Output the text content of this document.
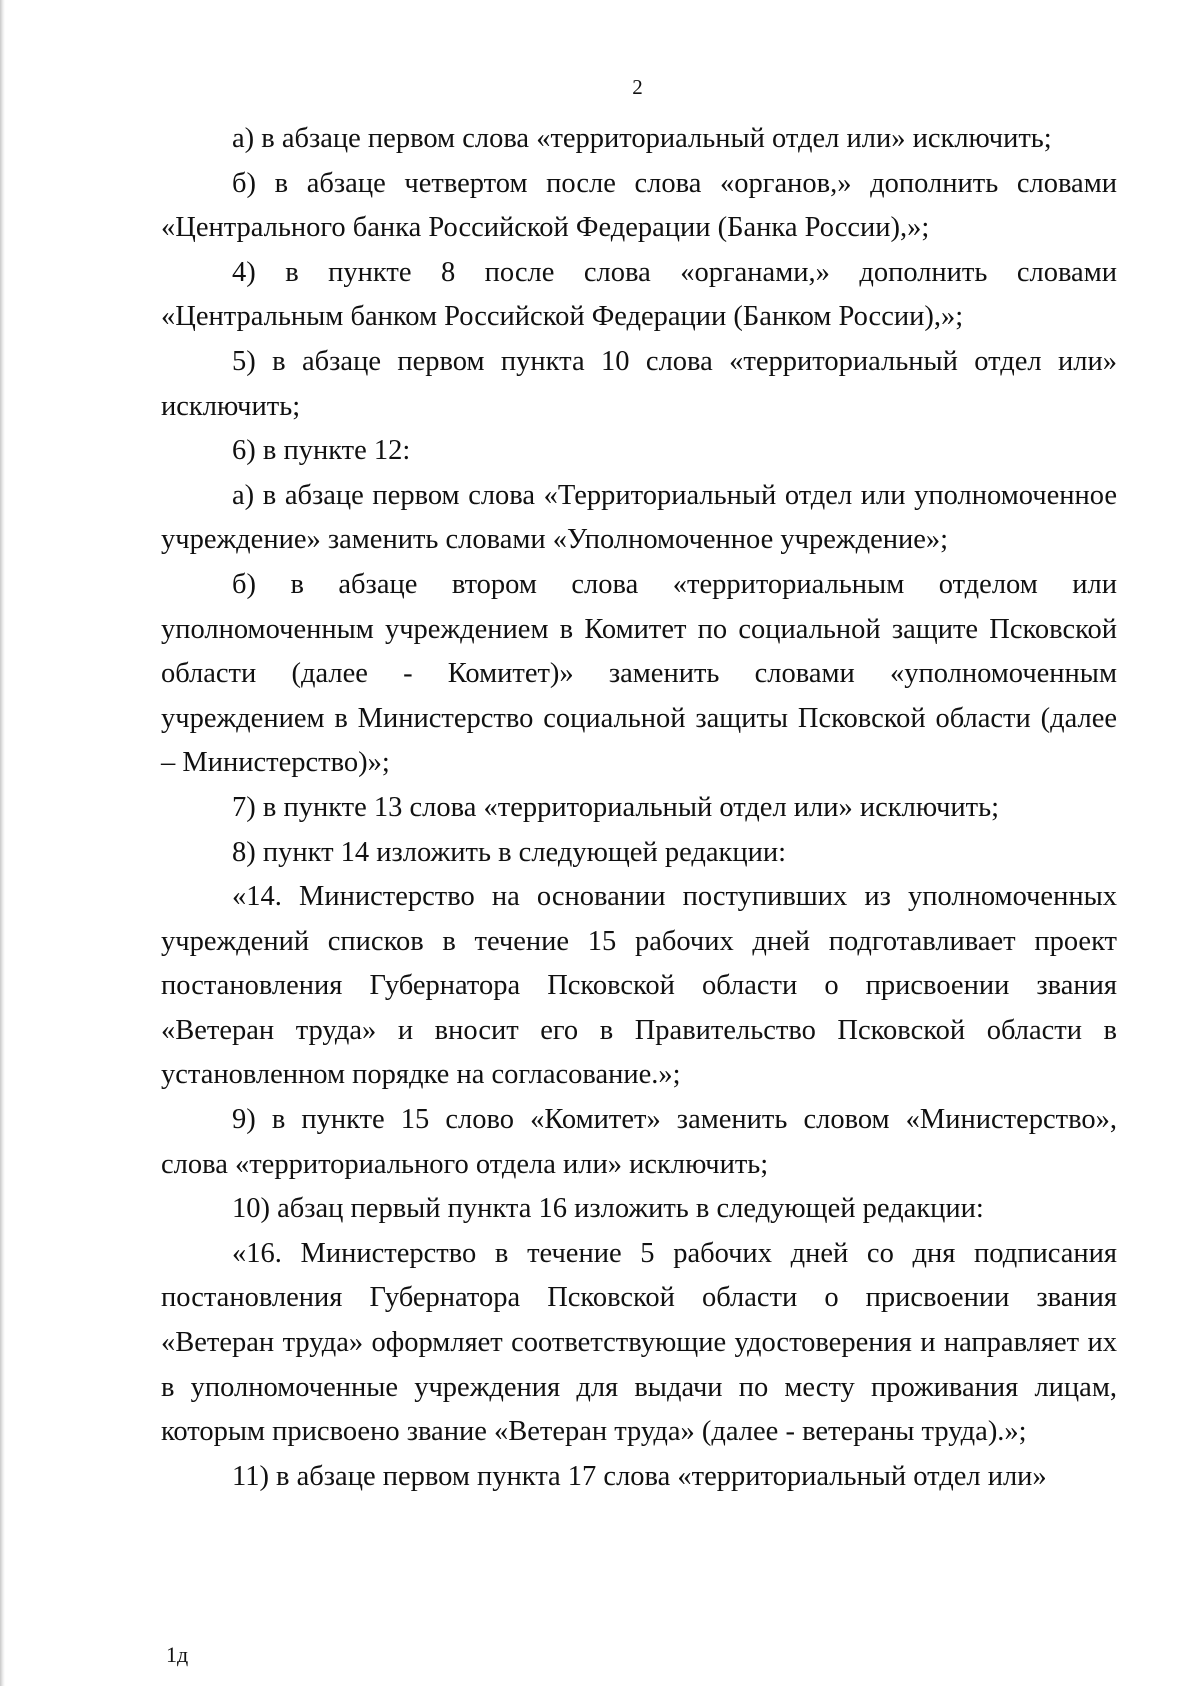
2

а) в абзаце первом слова «территориальный отдел или» исключить;

б) в абзаце четвертом после слова «органов,» дополнить словами «Центрального банка Российской Федерации (Банка России),»;

4) в пункте 8 после слова «органами,» дополнить словами «Центральным банком Российской Федерации (Банком России),»;

5) в абзаце первом пункта 10 слова «территориальный отдел или» исключить;

6) в пункте 12:

а) в абзаце первом слова «Территориальный отдел или уполномоченное учреждение» заменить словами «Уполномоченное учреждение»;

б) в абзаце втором слова «территориальным отделом или уполномоченным учреждением в Комитет по социальной защите Псковской области (далее - Комитет)» заменить словами «уполномоченным учреждением в Министерство социальной защиты Псковской области (далее – Министерство)»;

7) в пункте 13 слова «территориальный отдел или» исключить;

8) пункт 14 изложить в следующей редакции:

«14. Министерство на основании поступивших из уполномоченных учреждений списков в течение 15 рабочих дней подготавливает проект постановления Губернатора Псковской области о присвоении звания «Ветеран труда» и вносит его в Правительство Псковской области в установленном порядке на согласование.»;

9) в пункте 15 слово «Комитет» заменить словом «Министерство», слова «территориального отдела или» исключить;

10) абзац первый пункта 16 изложить в следующей редакции:

«16. Министерство в течение 5 рабочих дней со дня подписания постановления Губернатора Псковской области о присвоении звания «Ветеран труда» оформляет соответствующие удостоверения и направляет их в уполномоченные учреждения для выдачи по месту проживания лицам, которым присвоено звание «Ветеран труда» (далее - ветераны труда).»;

11) в абзаце первом пункта 17 слова «территориальный отдел или»

1д
